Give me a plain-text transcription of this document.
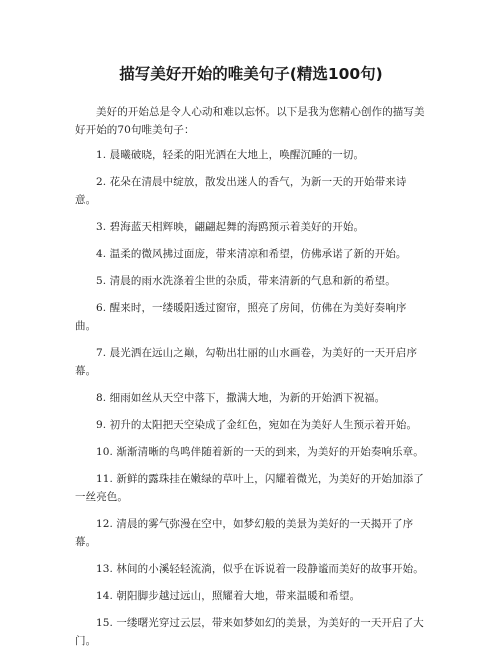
描写美好开始的唯美句子(精选100句)

美好的开始总是令人心动和难以忘怀。以下是我为您精心创作的描写美好开始的70句唯美句子：

1. 晨曦破晓，轻柔的阳光洒在大地上，唤醒沉睡的一切。
2. 花朵在清晨中绽放，散发出迷人的香气，为新一天的开始带来诗意。
3. 碧海蓝天相辉映，翩翩起舞的海鸥预示着美好的开始。
4. 温柔的微风拂过面庞，带来清凉和希望，仿佛承诺了新的开始。
5. 清晨的雨水洗涤着尘世的杂质，带来清新的气息和新的希望。
6. 醒来时，一缕暖阳透过窗帘，照亮了房间，仿佛在为美好奏响序曲。
7. 晨光洒在远山之巅，勾勒出壮丽的山水画卷，为美好的一天开启序幕。
8. 细雨如丝从天空中落下，撒满大地，为新的开始洒下祝福。
9. 初升的太阳把天空染成了金红色，宛如在为美好人生预示着开始。
10. 渐渐清晰的鸟鸣伴随着新的一天的到来，为美好的开始奏响乐章。
11. 新鲜的露珠挂在嫩绿的草叶上，闪耀着微光，为美好的开始加添了一丝亮色。
12. 清晨的雾气弥漫在空中，如梦幻般的美景为美好的一天揭开了序幕。
13. 林间的小溪轻轻流淌，似乎在诉说着一段静谧而美好的故事开始。
14. 朝阳脚步越过远山，照耀着大地，带来温暖和希望。
15. 一缕曙光穿过云层，带来如梦如幻的美景，为美好的一天开启了大门。
